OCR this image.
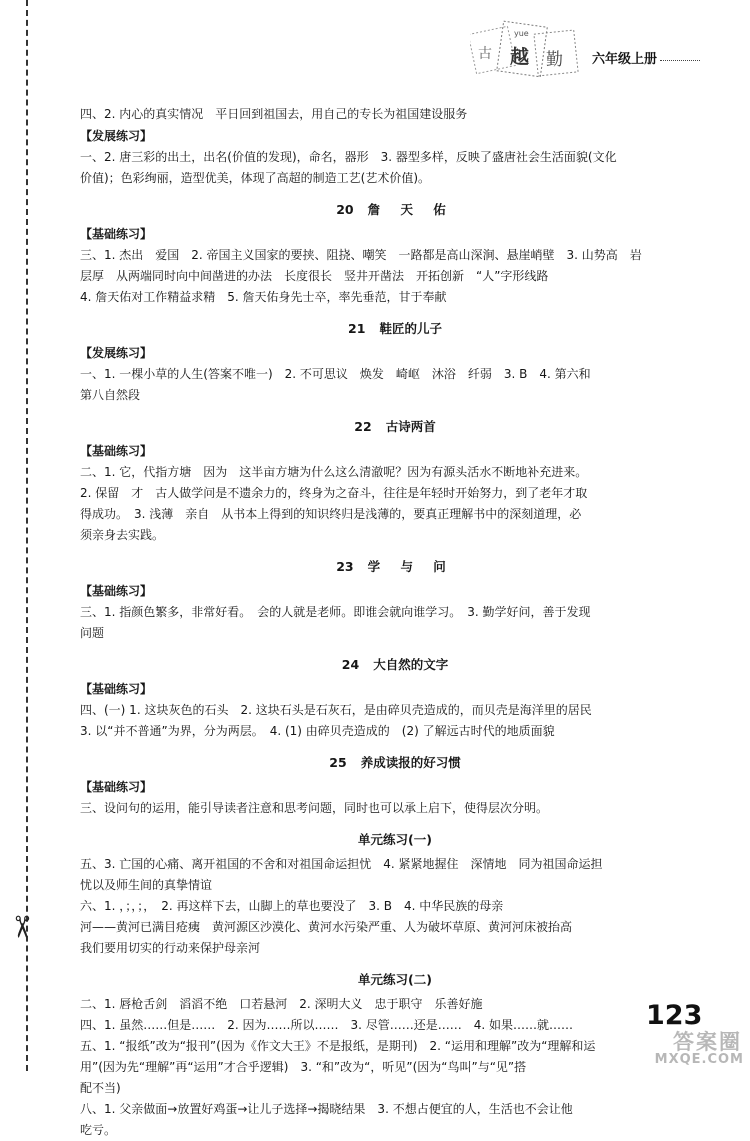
✂
古 越 勤
yue
六年级上册
四、2. 内心的真实情况　平日回到祖国去，用自己的专长为祖国建设服务
【发展练习】
一、2. 唐三彩的出土，出名(价值的发现)，命名，器形　3. 器型多样，反映了盛唐社会生活面貌(文化
价值)；色彩绚丽，造型优美，体现了高超的制造工艺(艺术价值)。
20 詹 天 佑
【基础练习】
三、1. 杰出　爱国　2. 帝国主义国家的要挟、阻挠、嘲笑　一路都是高山深涧、悬崖峭壁　3. 山势高　岩
层厚　从两端同时向中间凿进的办法　长度很长　竖井开凿法　开拓创新　“人”字形线路
4. 詹天佑对工作精益求精　5. 詹天佑身先士卒，率先垂范，甘于奉献
21 鞋匠的儿子
【发展练习】
一、1. 一棵小草的人生(答案不唯一)　2. 不可思议　焕发　崎岖　沐浴　纤弱　3. B　4. 第六和
第八自然段
22 古诗两首
【基础练习】
二、1. 它，代指方塘　因为　这半亩方塘为什么这么清澈呢？因为有源头活水不断地补充进来。
2. 保留　才　古人做学问是不遗余力的，终身为之奋斗，往往是年轻时开始努力，到了老年才取
得成功。　3. 浅薄　亲自　从书本上得到的知识终归是浅薄的，要真正理解书中的深刻道理，必
须亲身去实践。
23 学 与 问
【基础练习】
三、1. 指颜色繁多，非常好看。　会的人就是老师。即谁会就向谁学习。　3. 勤学好问，善于发现
问题
24 大自然的文字
【基础练习】
四、(一) 1. 这块灰色的石头　2. 这块石头是石灰石，是由碎贝壳造成的，而贝壳是海洋里的居民
3. 以“并不普通”为界，分为两层。　4. (1) 由碎贝壳造成的　(2) 了解远古时代的地质面貌
25 养成读报的好习惯
【基础练习】
三、设问句的运用，能引导读者注意和思考问题，同时也可以承上启下，使得层次分明。
单元练习(一)
五、3. 亡国的心痛、离开祖国的不舍和对祖国命运担忧　4. 紧紧地握住　深情地　同为祖国命运担
忧以及师生间的真挚情谊
六、1. ，；，；，　2. 再这样下去，山脚上的草也要没了　3. B　4. 中华民族的母亲
河——黄河已满目疮痍　黄河源区沙漠化、黄河水污染严重、人为破坏草原、黄河河床被抬高
我们要用切实的行动来保护母亲河
单元练习(二)
二、1. 唇枪舌剑　滔滔不绝　口若悬河　2. 深明大义　忠于职守　乐善好施
四、1. 虽然……但是……　2. 因为……所以……　3. 尽管……还是……　4. 如果……就……
五、1. “报纸”改为“报刊”(因为《作文大王》不是报纸，是期刊)　2. “运用和理解”改为“理解和运
用”(因为先“理解”再“运用”才合乎逻辑)　3. “和”改为“，听见”(因为“鸟叫”与“见”搭
配不当)
八、1. 父亲做面→放置好鸡蛋→让儿子选择→揭晓结果　3. 不想占便宜的人，生活也不会让他
吃亏。
123
答案圈
MXQE.COM
